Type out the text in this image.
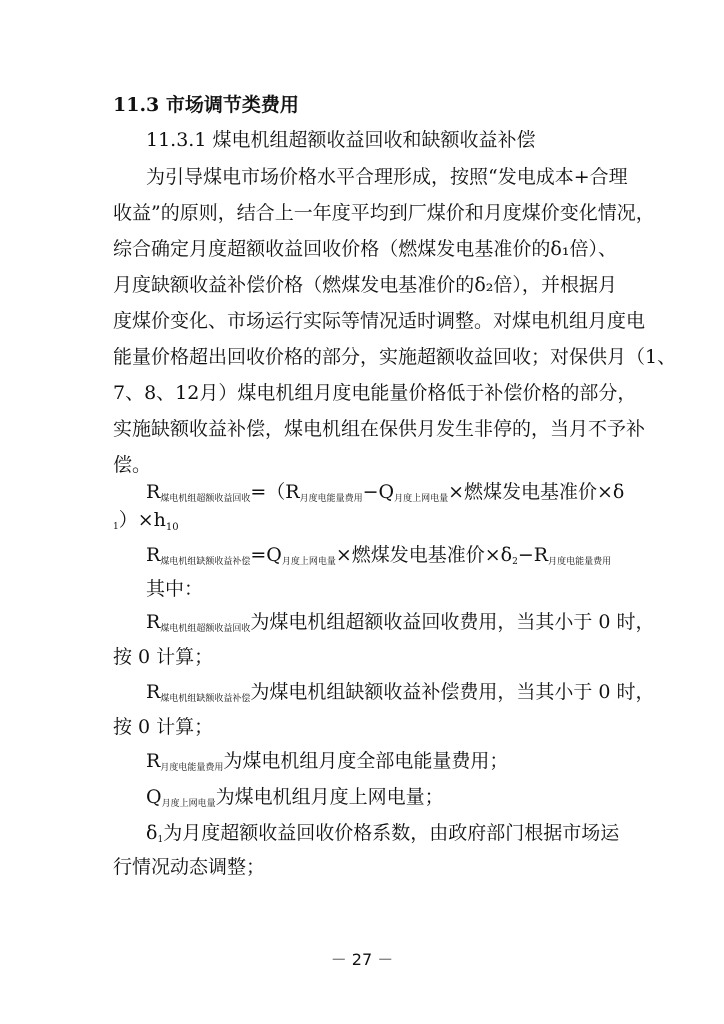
11.3 市场调节类费用
11.3.1 煤电机组超额收益回收和缺额收益补偿
为引导煤电市场价格水平合理形成，按照“发电成本+合理
收益”的原则，结合上一年度平均到厂煤价和月度煤价变化情况，
综合确定月度超额收益回收价格（燃煤发电基准价的δ₁倍）、
月度缺额收益补偿价格（燃煤发电基准价的δ₂倍），并根据月
度煤价变化、市场运行实际等情况适时调整。对煤电机组月度电
能量价格超出回收价格的部分，实施超额收益回收；对保供月（1、
7、8、12月）煤电机组月度电能量价格低于补偿价格的部分，
实施缺额收益补偿，煤电机组在保供月发生非停的，当月不予补
偿。
$R_{煤电机组超额收益回收}=(R_{月度电能量费用}-Q_{月度上网电量}\times$燃煤发电基准价×δ
$_1)\times h_{10}$
$R_{煤电机组缺额收益补偿}=Q_{月度上网电量}\times$燃煤发电基准价$\times\delta_2-R_{月度电能量费用}$
其中：
$R_{煤电机组超额收益回收}$为煤电机组超额收益回收费用，当其小于 0 时，
按 0 计算；
$R_{煤电机组缺额收益补偿}$为煤电机组缺额收益补偿费用，当其小于 0 时，
按 0 计算；
$R_{月度电能量费用}$为煤电机组月度全部电能量费用；
$Q_{月度上网电量}$为煤电机组月度上网电量；
$\delta_1$为月度超额收益回收价格系数，由政府部门根据市场运
行情况动态调整；
－ 27 －
